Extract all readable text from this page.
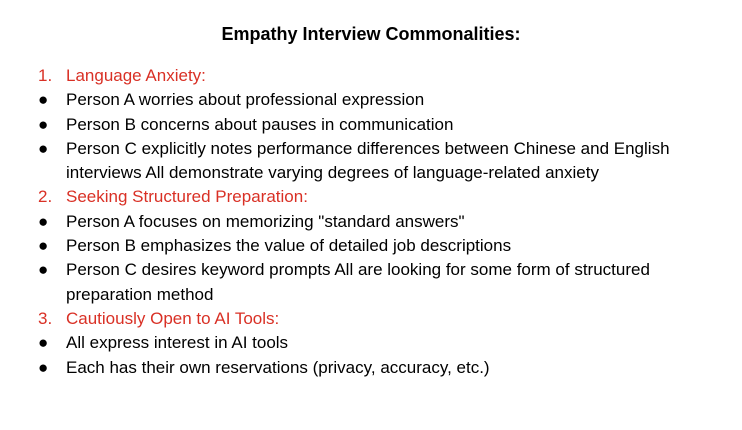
Empathy Interview Commonalities:
1. Language Anxiety:
● Person A worries about professional expression
● Person B concerns about pauses in communication
● Person C explicitly notes performance differences between Chinese and English interviews All demonstrate varying degrees of language-related anxiety
2. Seeking Structured Preparation:
● Person A focuses on memorizing "standard answers"
● Person B emphasizes the value of detailed job descriptions
● Person C desires keyword prompts All are looking for some form of structured preparation method
3. Cautiously Open to AI Tools:
● All express interest in AI tools
● Each has their own reservations (privacy, accuracy, etc.)
